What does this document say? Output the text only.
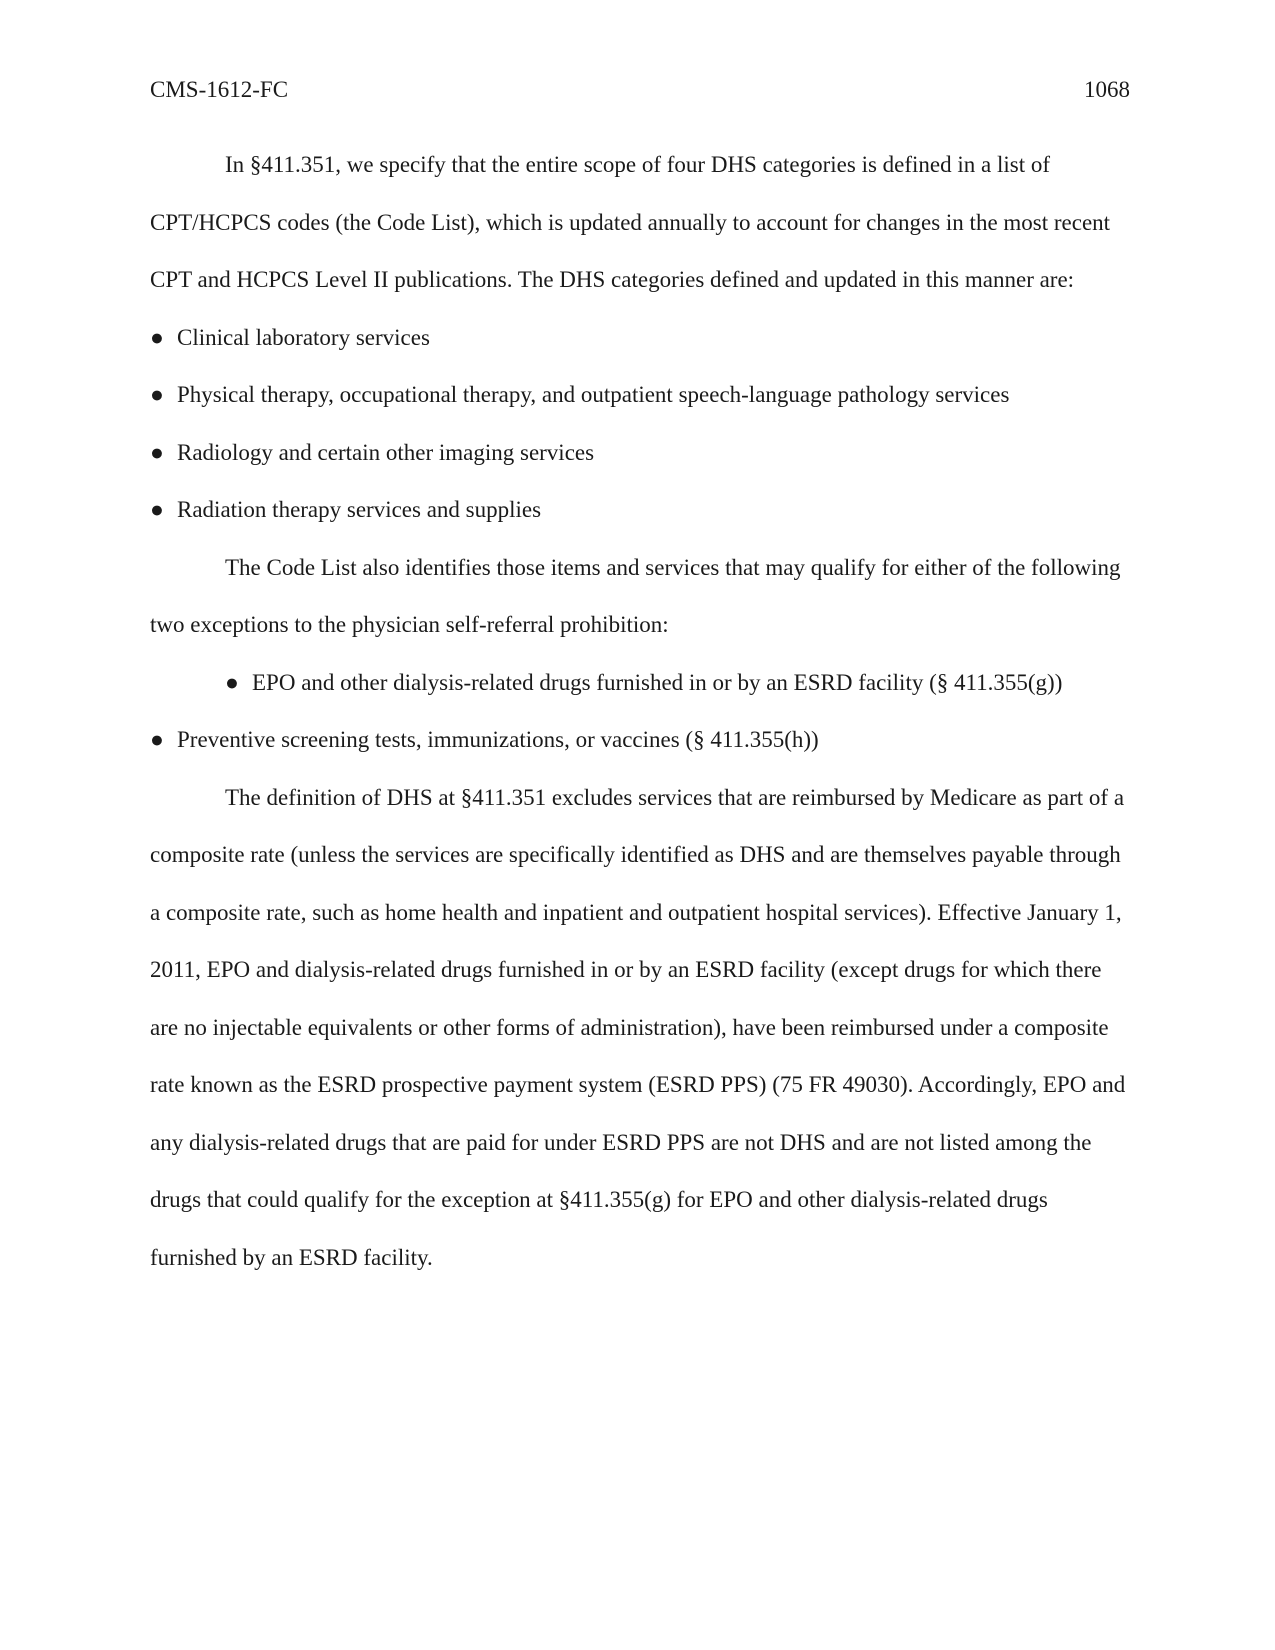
CMS-1612-FC	1068

In §411.351, we specify that the entire scope of four DHS categories is defined in a list of CPT/HCPCS codes (the Code List), which is updated annually to account for changes in the most recent CPT and HCPCS Level II publications. The DHS categories defined and updated in this manner are:

● Clinical laboratory services

● Physical therapy, occupational therapy, and outpatient speech-language pathology services

● Radiology and certain other imaging services

● Radiation therapy services and supplies

The Code List also identifies those items and services that may qualify for either of the following two exceptions to the physician self-referral prohibition:

● EPO and other dialysis-related drugs furnished in or by an ESRD facility (§ 411.355(g))

● Preventive screening tests, immunizations, or vaccines (§ 411.355(h))

The definition of DHS at §411.351 excludes services that are reimbursed by Medicare as part of a composite rate (unless the services are specifically identified as DHS and are themselves payable through a composite rate, such as home health and inpatient and outpatient hospital services). Effective January 1, 2011, EPO and dialysis-related drugs furnished in or by an ESRD facility (except drugs for which there are no injectable equivalents or other forms of administration), have been reimbursed under a composite rate known as the ESRD prospective payment system (ESRD PPS) (75 FR 49030). Accordingly, EPO and any dialysis-related drugs that are paid for under ESRD PPS are not DHS and are not listed among the drugs that could qualify for the exception at §411.355(g) for EPO and other dialysis-related drugs furnished by an ESRD facility.
